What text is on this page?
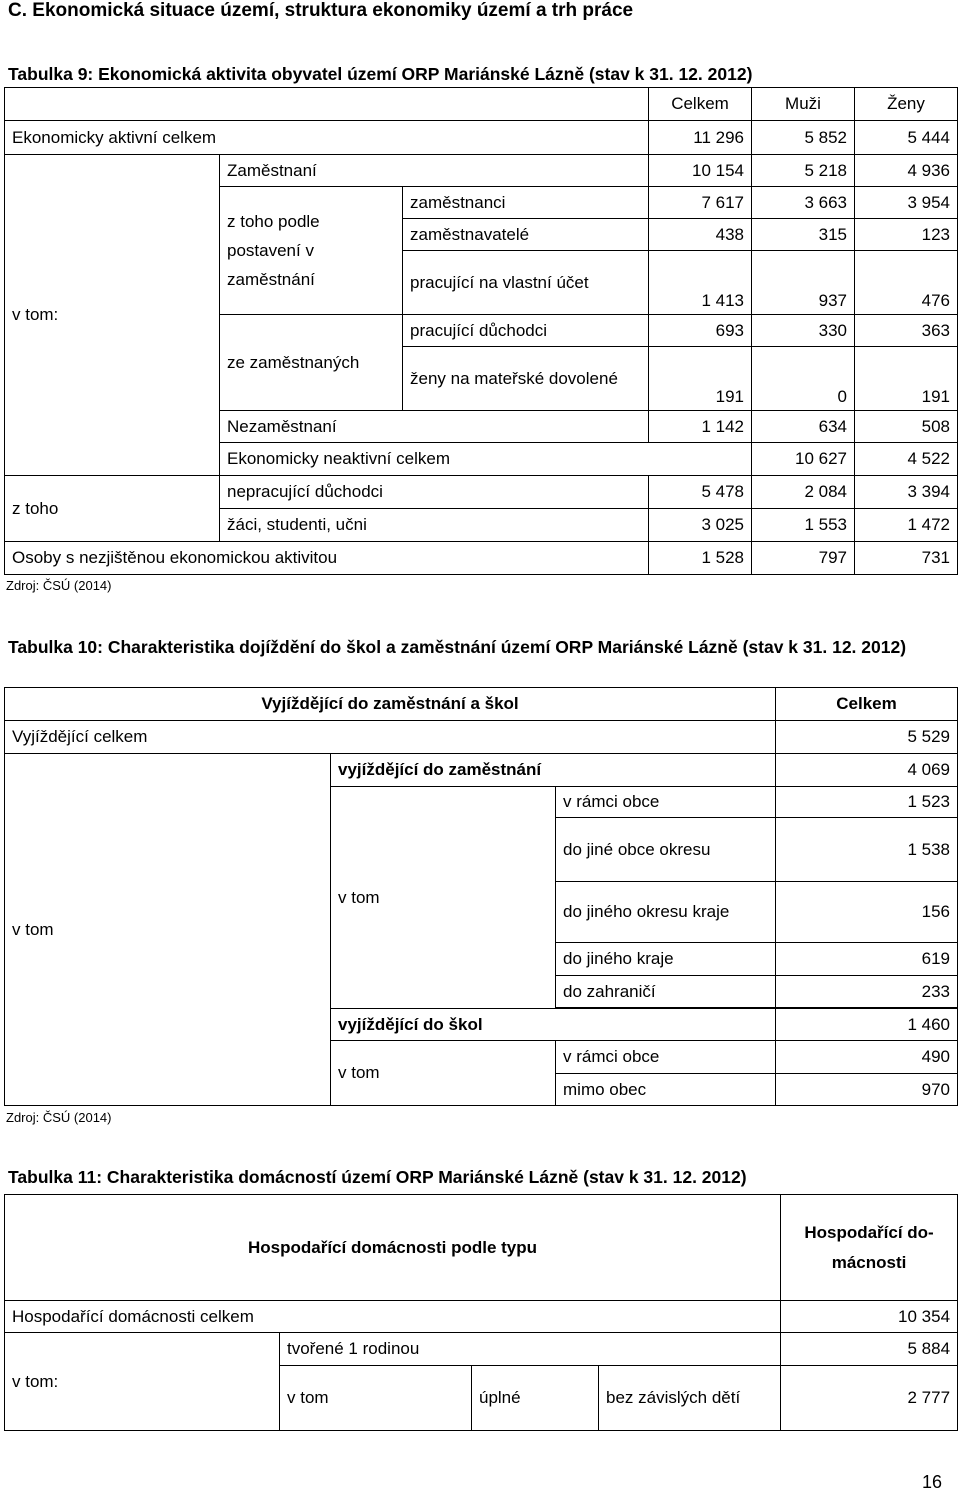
C. Ekonomická situace území, struktura ekonomiky území a trh práce
Tabulka 9: Ekonomická aktivita obyvatel území ORP Mariánské Lázně (stav k 31. 12. 2012)
			Celkem	Muži	Ženy	
Ekonomicky aktivní celkem			11 296	5 852	5 444	
v tom:	Zaměstnaní		10 154	5 218	4 936	
	z toho podle postavení v zaměstnání	zaměstnanci	7 617	3 663	3 954	
		zaměstnavatelé	438	315	123	
		pracující na vlastní účet	1 413	937	476	
	ze zaměstnaných	pracující důchodci	693	330	363	
		ženy na mateřské dovolené	191	0	191	
	Nezaměstnaní		1 142	634	508	
	Ekonomicky neaktivní celkem			10 627	4 522	
z toho	nepracující důchodci		5 478	2 084	3 394	
	žáci, studenti, učni		3 025	1 553	1 472	
Osoby s nezjištěnou ekonomickou aktivitou			1 528	797	731	
Zdroj: ČSÚ (2014)
Tabulka 10: Charakteristika dojíždění do škol a zaměstnání území ORP Mariánské Lázně (stav k 31. 12. 2012)
Vyjíždějící do zaměstnání a škol			Celkem
Vyjíždějící celkem			5 529
v tom	vyjíždějící do zaměstnání		4 069
	v tom	v rámci obce	1 523
		do jiné obce okresu	1 538
		do jiného okresu kraje	156
		do jiného kraje	619
		do zahraničí	233

	vyjíždějící do škol		1 460
	v tom	v rámci obce	490
		mimo obec	970
Zdroj: ČSÚ (2014)
Tabulka 11: Charakteristika domácností území ORP Mariánské Lázně (stav k 31. 12. 2012)
Hospodařící domácnosti podle typu				Hospodařící do-mácnosti
Hospodařící domácnosti celkem				10 354
v tom:	tvořené 1 rodinou			5 884
	v tom	úplné	bez závislých dětí	2 777
16
